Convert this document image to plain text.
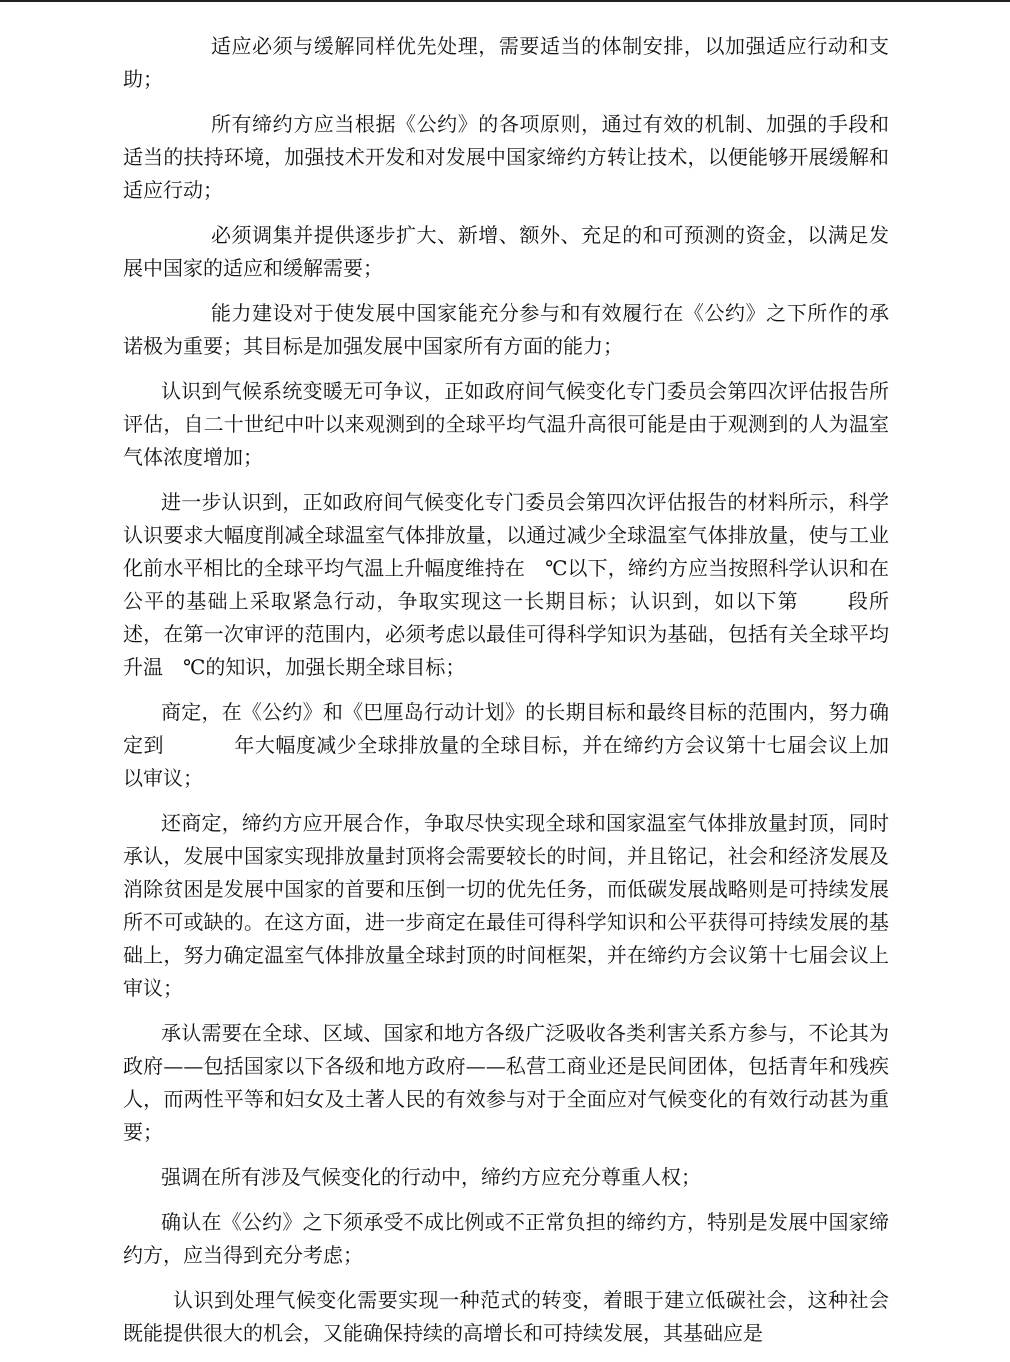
适应必须与缓解同样优先处理，需要适当的体制安排，以加强适应行动和支助；

所有缔约方应当根据《公约》的各项原则，通过有效的机制、加强的手段和适当的扶持环境，加强技术开发和对发展中国家缔约方转让技术，以便能够开展缓解和适应行动；

必须调集并提供逐步扩大、新增、额外、充足的和可预测的资金，以满足发展中国家的适应和缓解需要；

能力建设对于使发展中国家能充分参与和有效履行在《公约》之下所作的承诺极为重要；其目标是加强发展中国家所有方面的能力；

认识到气候系统变暖无可争议，正如政府间气候变化专门委员会第四次评估报告所评估，自二十世纪中叶以来观测到的全球平均气温升高很可能是由于观测到的人为温室气体浓度增加；

进一步认识到，正如政府间气候变化专门委员会第四次评估报告的材料所示，科学认识要求大幅度削减全球温室气体排放量，以通过减少全球温室气体排放量，使与工业化前水平相比的全球平均气温上升幅度维持在 ℃以下，缔约方应当按照科学认识和在公平的基础上采取紧急行动，争取实现这一长期目标；认识到，如以下第 段所述，在第一次审评的范围内，必须考虑以最佳可得科学知识为基础，包括有关全球平均升温 ℃的知识，加强长期全球目标；

商定，在《公约》和《巴厘岛行动计划》的长期目标和最终目标的范围内，努力确定到	年大幅度减少全球排放量的全球目标，并在缔约方会议第十七届会议上加以审议；

还商定，缔约方应开展合作，争取尽快实现全球和国家温室气体排放量封顶，同时承认，发展中国家实现排放量封顶将会需要较长的时间，并且铭记，社会和经济发展及消除贫困是发展中国家的首要和压倒一切的优先任务，而低碳发展战略则是可持续发展所不可或缺的。在这方面，进一步商定在最佳可得科学知识和公平获得可持续发展的基础上，努力确定温室气体排放量全球封顶的时间框架，并在缔约方会议第十七届会议上审议；

承认需要在全球、区域、国家和地方各级广泛吸收各类利害关系方参与，不论其为政府——包括国家以下各级和地方政府——私营工商业还是民间团体，包括青年和残疾人，而两性平等和妇女及土著人民的有效参与对于全面应对气候变化的有效行动甚为重要；

强调在所有涉及气候变化的行动中，缔约方应充分尊重人权；

确认在《公约》之下须承受不成比例或不正常负担的缔约方，特别是发展中国家缔约方，应当得到充分考虑；

认识到处理气候变化需要实现一种范式的转变，着眼于建立低碳社会，这种社会既能提供很大的机会，又能确保持续的高增长和可持续发展，其基础应是
